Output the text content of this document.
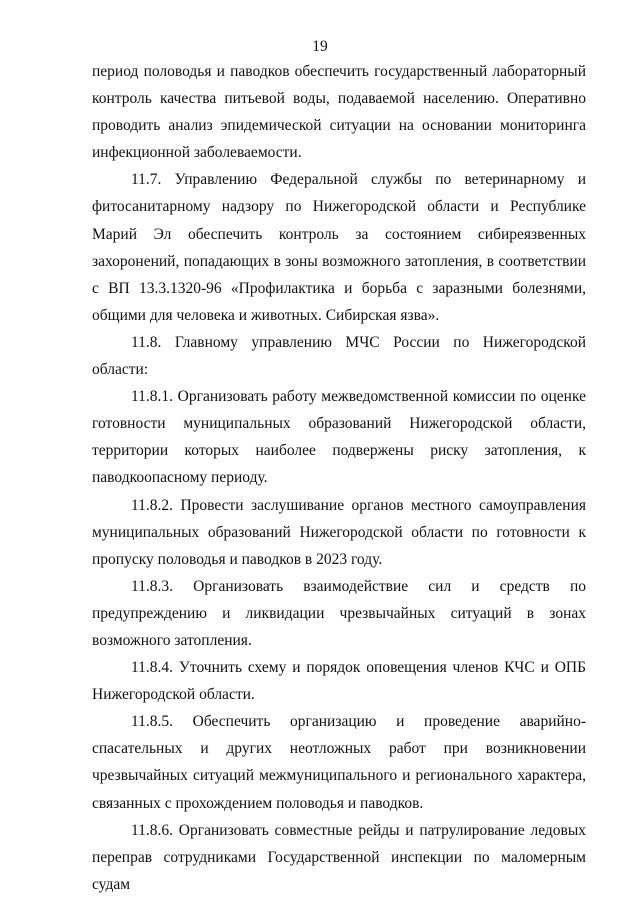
19

период половодья и паводков обеспечить государственный лабораторный контроль качества питьевой воды, подаваемой населению. Оперативно проводить анализ эпидемической ситуации на основании мониторинга инфекционной заболеваемости.

11.7. Управлению Федеральной службы по ветеринарному и фитосанитарному надзору по Нижегородской области и Республике Марий Эл обеспечить контроль за состоянием сибиреязвенных захоронений, попадающих в зоны возможного затопления, в соответствии с ВП 13.3.1320-96 «Профилактика и борьба с заразными болезнями, общими для человека и животных. Сибирская язва».

11.8. Главному управлению МЧС России по Нижегородской области:

11.8.1. Организовать работу межведомственной комиссии по оценке готовности муниципальных образований Нижегородской области, территории которых наиболее подвержены риску затопления, к паводкоопасному периоду.

11.8.2. Провести заслушивание органов местного самоуправления муниципальных образований Нижегородской области по готовности к пропуску половодья и паводков в 2023 году.

11.8.3. Организовать взаимодействие сил и средств по предупреждению и ликвидации чрезвычайных ситуаций в зонах возможного затопления.

11.8.4. Уточнить схему и порядок оповещения членов КЧС и ОПБ Нижегородской области.

11.8.5. Обеспечить организацию и проведение аварийно-спасательных и других неотложных работ при возникновении чрезвычайных ситуаций межмуниципального и регионального характера, связанных с прохождением половодья и паводков.

11.8.6. Организовать совместные рейды и патрулирование ледовых переправ сотрудниками Государственной инспекции по маломерным судам
